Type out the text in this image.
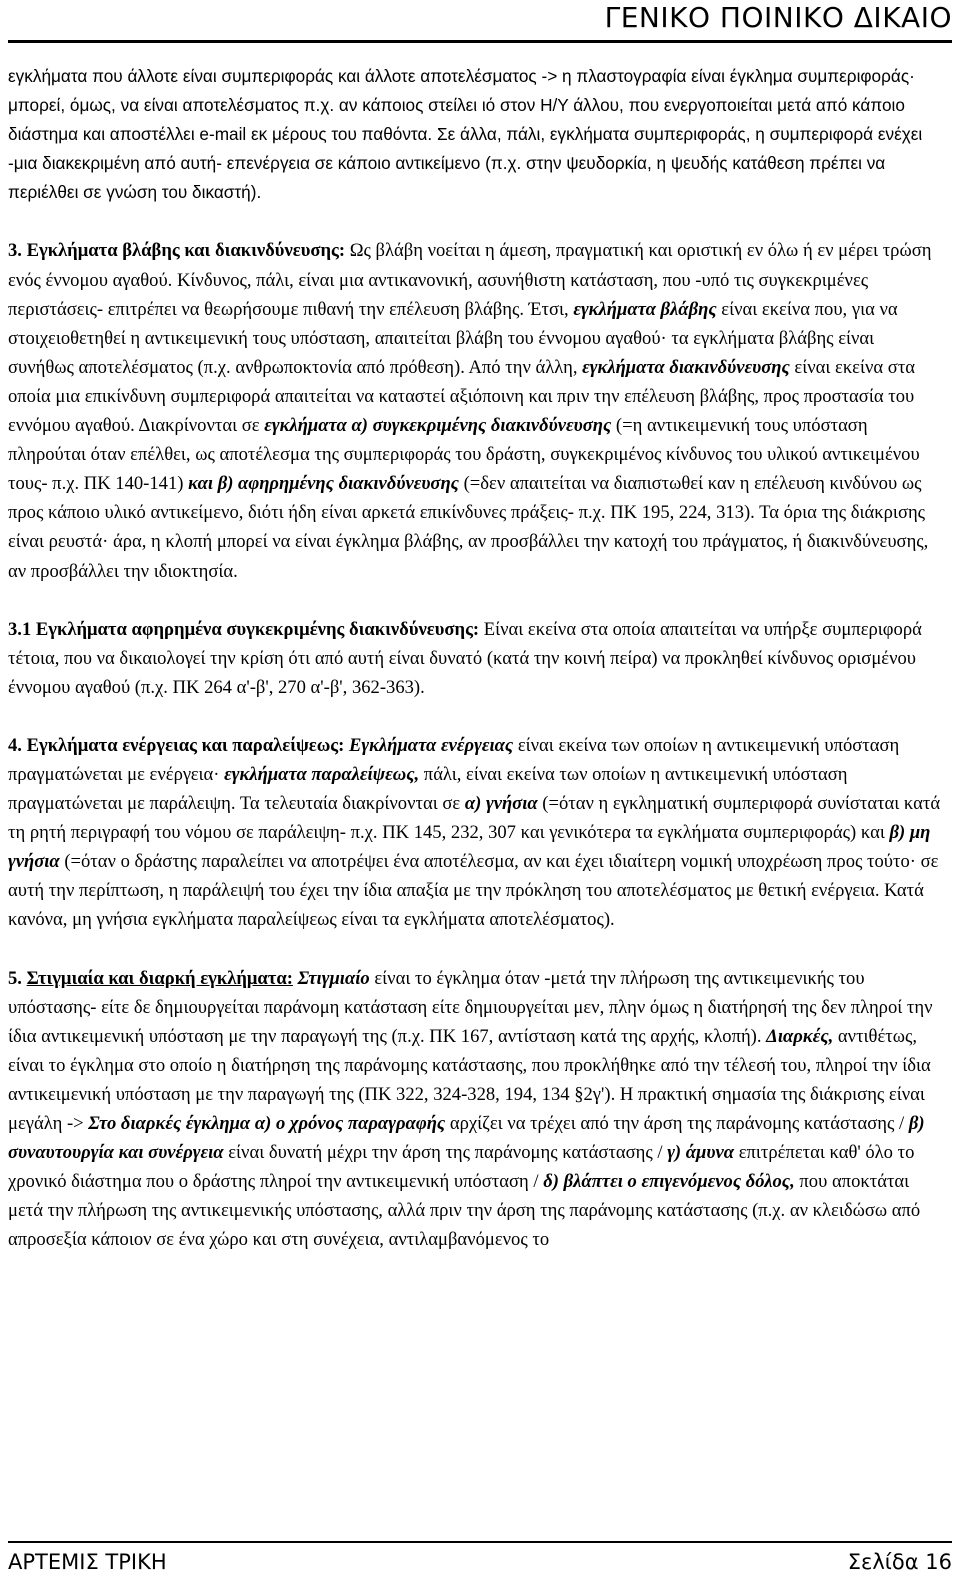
ΓΕΝΙΚΟ ΠΟΙΝΙΚΟ ΔΙΚΑΙΟ

εγκλήματα που άλλοτε είναι συμπεριφοράς και άλλοτε αποτελέσματος -> η πλαστογραφία είναι έγκλημα συμπεριφοράς· μπορεί, όμως, να είναι αποτελέσματος π.χ. αν κάποιος στείλει ιό στον Η/Υ άλλου, που ενεργοποιείται μετά από κάποιο διάστημα και αποστέλλει e-mail εκ μέρους του παθόντα. Σε άλλα, πάλι, εγκλήματα συμπεριφοράς, η συμπεριφορά ενέχει -μια διακεκριμένη από αυτή- επενέργεια σε κάποιο αντικείμενο (π.χ. στην ψευδορκία, η ψευδής κατάθεση πρέπει να περιέλθει σε γνώση του δικαστή).

3. Εγκλήματα βλάβης και διακινδύνευσης: Ως βλάβη νοείται η άμεση, πραγματική και οριστική εν όλω ή εν μέρει τρώση ενός έννομου αγαθού. Κίνδυνος, πάλι, είναι μια αντικανονική, ασυνήθιστη κατάσταση, που -υπό τις συγκεκριμένες περιστάσεις- επιτρέπει να θεωρήσουμε πιθανή την επέλευση βλάβης. Έτσι, εγκλήματα βλάβης είναι εκείνα που, για να στοιχειοθετηθεί η αντικειμενική τους υπόσταση, απαιτείται βλάβη του έννομου αγαθού· τα εγκλήματα βλάβης είναι συνήθως αποτελέσματος (π.χ. ανθρωποκτονία από πρόθεση). Από την άλλη, εγκλήματα διακινδύνευσης είναι εκείνα στα οποία μια επικίνδυνη συμπεριφορά απαιτείται να καταστεί αξιόποινη και πριν την επέλευση βλάβης, προς προστασία του εννόμου αγαθού. Διακρίνονται σε εγκλήματα α) συγκεκριμένης διακινδύνευσης (=η αντικειμενική τους υπόσταση πληρούται όταν επέλθει, ως αποτέλεσμα της συμπεριφοράς του δράστη, συγκεκριμένος κίνδυνος του υλικού αντικειμένου τους- π.χ. ΠΚ 140-141) και β) αφηρημένης διακινδύνευσης (=δεν απαιτείται να διαπιστωθεί καν η επέλευση κινδύνου ως προς κάποιο υλικό αντικείμενο, διότι ήδη είναι αρκετά επικίνδυνες πράξεις- π.χ. ΠΚ 195, 224, 313). Τα όρια της διάκρισης είναι ρευστά· άρα, η κλοπή μπορεί να είναι έγκλημα βλάβης, αν προσβάλλει την κατοχή του πράγματος, ή διακινδύνευσης, αν προσβάλλει την ιδιοκτησία.

3.1 Εγκλήματα αφηρημένα συγκεκριμένης διακινδύνευσης: Είναι εκείνα στα οποία απαιτείται να υπήρξε συμπεριφορά τέτοια, που να δικαιολογεί την κρίση ότι από αυτή είναι δυνατό (κατά την κοινή πείρα) να προκληθεί κίνδυνος ορισμένου έννομου αγαθού (π.χ. ΠΚ 264 α'-β', 270 α'-β', 362-363).

4. Εγκλήματα ενέργειας και παραλείψεως: Εγκλήματα ενέργειας είναι εκείνα των οποίων η αντικειμενική υπόσταση πραγματώνεται με ενέργεια· εγκλήματα παραλείψεως, πάλι, είναι εκείνα των οποίων η αντικειμενική υπόσταση πραγματώνεται με παράλειψη. Τα τελευταία διακρίνονται σε α) γνήσια (=όταν η εγκληματική συμπεριφορά συνίσταται κατά τη ρητή περιγραφή του νόμου σε παράλειψη- π.χ. ΠΚ 145, 232, 307 και γενικότερα τα εγκλήματα συμπεριφοράς) και β) μη γνήσια (=όταν ο δράστης παραλείπει να αποτρέψει ένα αποτέλεσμα, αν και έχει ιδιαίτερη νομική υποχρέωση προς τούτο· σε αυτή την περίπτωση, η παράλειψή του έχει την ίδια απαξία με την πρόκληση του αποτελέσματος με θετική ενέργεια. Κατά κανόνα, μη γνήσια εγκλήματα παραλείψεως είναι τα εγκλήματα αποτελέσματος).

5. Στιγμιαία και διαρκή εγκλήματα: Στιγμιαίο είναι το έγκλημα όταν -μετά την πλήρωση της αντικειμενικής του υπόστασης- είτε δε δημιουργείται παράνομη κατάσταση είτε δημιουργείται μεν, πλην όμως η διατήρησή της δεν πληροί την ίδια αντικειμενική υπόσταση με την παραγωγή της (π.χ. ΠΚ 167, αντίσταση κατά της αρχής, κλοπή). Διαρκές, αντιθέτως, είναι το έγκλημα στο οποίο η διατήρηση της παράνομης κατάστασης, που προκλήθηκε από την τέλεσή του, πληροί την ίδια αντικειμενική υπόσταση με την παραγωγή της (ΠΚ 322, 324-328, 194, 134 §2γ'). Η πρακτική σημασία της διάκρισης είναι μεγάλη -> Στο διαρκές έγκλημα α) ο χρόνος παραγραφής αρχίζει να τρέχει από την άρση της παράνομης κατάστασης / β) συναυτουργία και συνέργεια είναι δυνατή μέχρι την άρση της παράνομης κατάστασης / γ) άμυνα επιτρέπεται καθ' όλο το χρονικό διάστημα που ο δράστης πληροί την αντικειμενική υπόσταση / δ) βλάπτει ο επιγενόμενος δόλος, που αποκτάται μετά την πλήρωση της αντικειμενικής υπόστασης, αλλά πριν την άρση της παράνομης κατάστασης (π.χ. αν κλειδώσω από απροσεξία κάποιον σε ένα χώρο και στη συνέχεια, αντιλαμβανόμενος το

ΑΡΤΕΜΙΣ ΤΡΙΚΗ	Σελίδα 16
